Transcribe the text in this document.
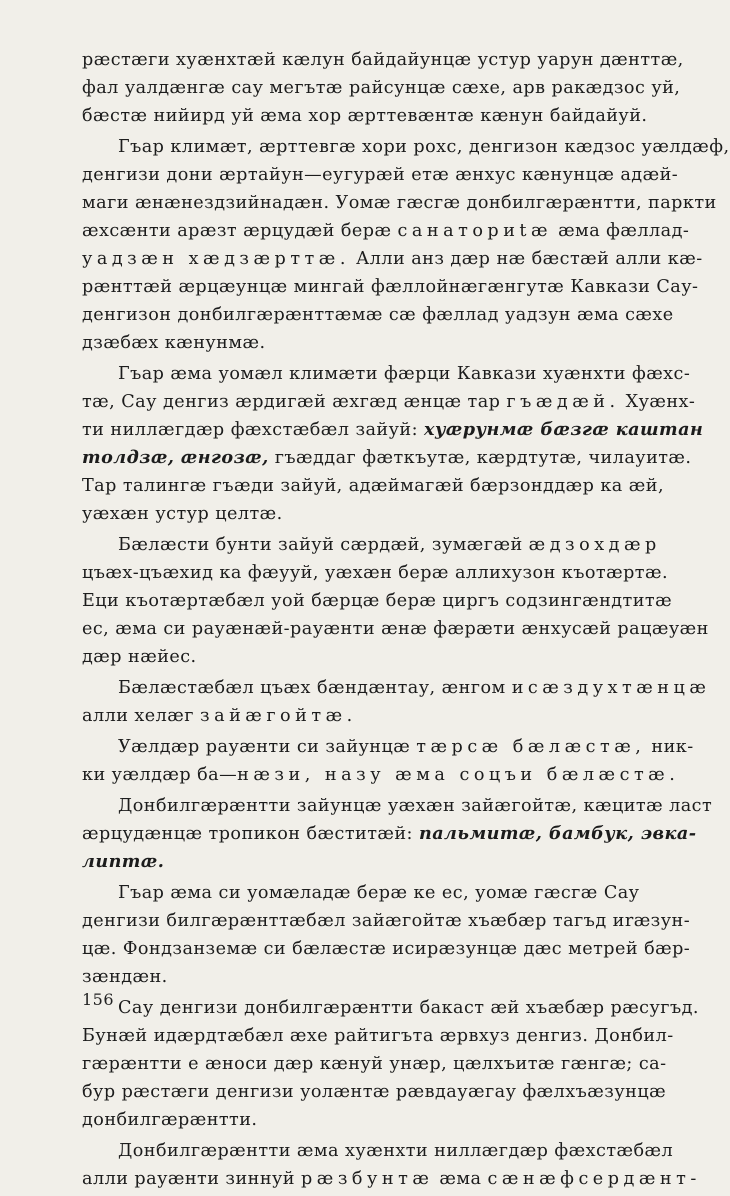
рæстæги хуæнхтæй кæлун байдайунцæ устур уарун дæнттæ,
фал уалдæнгæ сау мегътæ райсунцæ сæхе, арв ракæдзос уй,
бæстæ нийирд уй æма хор æрттевæнтæ кæнун байдайуй.
Гъар климæт, æрттевгæ хори рохс, денгизон кæдзос уæлдæф,
денгизи дони æртайун—еугурæй етæ æнхус кæнунцæ адæй-
маги æнæнездзийнадæн. Уомæ гæсгæ донбилгæрæнтти, паркти
æхсæнти арæзт æрцудæй берæ санаториtæ æма фæллад-
уадзæн хæдзæрттæ. Алли анз дæр нæ бæстæй алли кæ-
рæнттæй æрцæунцæ мингай фæллойнæгæнгутæ Кавкази Сау-
денгизон донбилгæрæнттæмæ сæ фæллад уадзун æма сæхе
дзæбæх кæнунмæ.
Гъар æма уомæл климæти фæрци Кавкази хуæнхти фæхс-
тæ, Сау денгиз æрдигæй æхгæд æнцæ тар гъæдæй. Хуæнх-
ти ниллæгдæр фæхстæбæл зайуй: хуæрунмæ бæзгæ каштан
толдзæ, æнгозæ, гъæддаг фæткъутæ, кæрдтутæ, чилауитæ.
Тар талингæ гъæди зайуй, адæймагæй бæрзонддæр ка æй,
уæхæн устур целтæ.
Бæлæсти бунти зайуй сæрдæй, зумæгæй æдзохдæр
цъæх-цъæхид ка фæууй, уæхæн берæ аллихузон къотæртæ.
Еци къотæртæбæл уой бæрцæ берæ циргъ содзингæндтитæ
ес, æма си рауæнæй-рауæнти æнæ фæрæти æнхусæй рацæуæн
дæр нæйес.
Бæлæстæбæл цъæх бæндæнтау, æнгом исæздухтæнцæ
алли хелæг зайæгойтæ.
Уæлдæр рауæнти си зайунцæ тæрсæ бæлæстæ, ник-
ки уæлдæр ба—нæзи, назу æма соцъи бæлæстæ.
Донбилгæрæнтти зайунцæ уæхæн зайæгойтæ, кæцитæ ласт
æрцудæнцæ тропикон бæститæй: пальмитæ, бамбук, эвка-
липтæ.
Гъар æма си уомæладæ берæ ке ес, уомæ гæсгæ Сау
денгизи билгæрæнттæбæл зайæгойтæ хъæбæр тагъд иræзун-
цæ. Фондзанземæ си бæлæстæ исирæзунцæ дæс метрей бæр-
зæндæн.
Сау денгизи донбилгæрæнтти бакаст æй хъæбæр рæсугъд.
Бунæй идæрдтæбæл æхе райтигъта æрвхуз денгиз. Донбил-
гæрæнтти е æноси дæр кæнуй унæр, цæлхъитæ гæнгæ; са-
бур рæстæги денгизи уолæнтæ рæвдауæгау фæлхъæзунцæ
донбилгæрæнтти.
Донбилгæрæнтти æма хуæнхти ниллæгдæр фæхстæбæл
алли рауæнти зиннуй рæзбунтæ æма сæнæфсердæнт-
156
